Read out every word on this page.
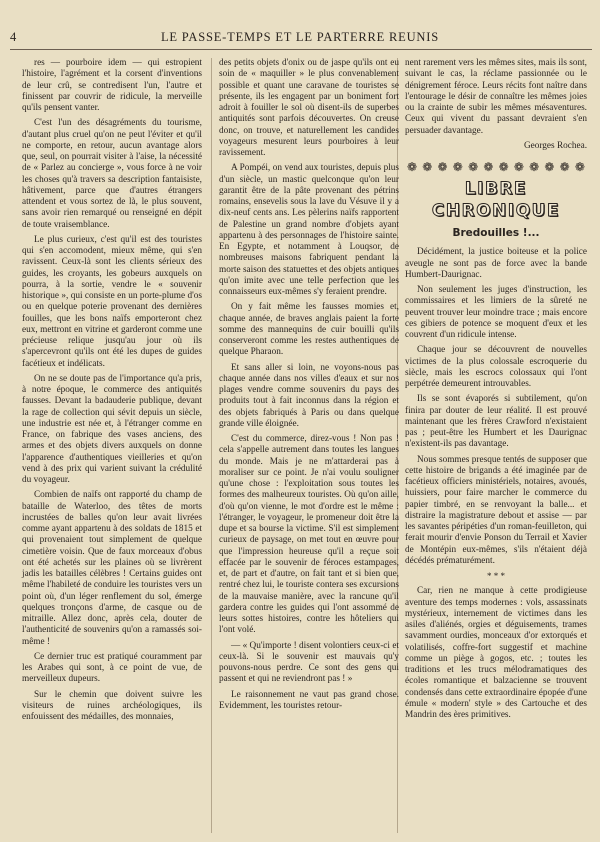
4	LE PASSE-TEMPS ET LE PARTERRE REUNIS

res — pourboire idem — qui estropient l'histoire, l'agrément et la corsent d'inventions de leur crû, se contredisent l'un, l'autre et finissent par couvrir de ridicule, la merveille qu'ils pensent vanter.

C'est l'un des désagréments du tourisme, d'autant plus cruel qu'on ne peut l'éviter et qu'il ne comporte, en retour, aucun avantage alors que, seul, on pourrait visiter à l'aise, la nécessité de « Parlez au concierge », vous force à ne voir les choses qu'à travers sa description fantaisiste, hâtivement, parce que d'autres étrangers attendent et vous sortez de là, le plus souvent, sans avoir rien remarqué ou renseigné en dépit de toute vraisemblance.

Le plus curieux, c'est qu'il est des touristes qui s'en accomodent, mieux même, qui s'en ravissent. Ceux-là sont les clients sérieux des guides, les croyants, les gobeurs auxquels on pourra, à la sortie, vendre le « souvenir historique », qui consiste en un porte-plume d'os ou en quelque poterie provenant des dernières fouilles, que les bons naïfs emporteront chez eux, mettront en vitrine et garderont comme une précieuse relique jusqu'au jour où ils s'apercevront qu'ils ont été les dupes de guides facétieux et indélicats.

On ne se doute pas de l'importance qu'a pris, à notre époque, le commerce des antiquités fausses. Devant la badauderie publique, devant la rage de collection qui sévit depuis un siècle, une industrie est née et, à l'étranger comme en France, on fabrique des vases anciens, des armes et des objets divers auxquels on donne l'apparence d'authentiques vieilleries et qu'on vend à des prix qui varient suivant la crédulité du voyageur.

Combien de naïfs ont rapporté du champ de bataille de Waterloo, des têtes de morts incrustées de balles qu'on leur avait livrées comme ayant appartenu à des soldats de 1815 et qui provenaient tout simplement de quelque cimetière voisin. Que de faux morceaux d'obus ont été achetés sur les plaines où se livrèrent jadis les batailles célèbres ! Certains guides ont même l'habileté de conduire les touristes vers un point où, d'un léger renflement du sol, émerge quelques tronçons d'arme, de casque ou de mitraille. Allez donc, après cela, douter de l'authenticité de souvenirs qu'on a ramassés soi-même !

Ce dernier truc est pratiqué couramment par les Arabes qui sont, à ce point de vue, de merveilleux dupeurs.

Sur le chemin que doivent suivre les visiteurs de ruines archéologiques, ils enfouissent des médailles, des monnaies,

des petits objets d'onix ou de jaspe qu'ils ont eu soin de « maquiller » le plus convenablement possible et quant une caravane de touristes se présente, ils les engagent par un boniment fort adroit à fouiller le sol où disent-ils de superbes antiquités sont parfois découvertes. On creuse donc, on trouve, et naturellement les candides voyageurs mesurent leurs pourboires à leur ravissement.

A Pompéi, on vend aux touristes, depuis plus d'un siècle, un mastic quelconque qu'on leur garantit être de la pâte provenant des pétrins romains, ensevelis sous la lave du Vésuve il y a dix-neuf cents ans. Les pèlerins naïfs rapportent de Palestine un grand nombre d'objets ayant appartenu à des personnages de l'histoire sainte. En Egypte, et notamment à Louqsor, de nombreuses maisons fabriquent pendant la morte saison des statuettes et des objets antiques qu'on imite avec une telle perfection que les connaisseurs eux-mêmes s'y feraient prendre.

On y fait même les fausses momies et, chaque année, de braves anglais paient la forte somme des mannequins de cuir bouilli qu'ils conserveront comme les restes authentiques de quelque Pharaon.

Et sans aller si loin, ne voyons-nous pas chaque année dans nos villes d'eaux et sur nos plages vendre comme souvenirs du pays des produits tout à fait inconnus dans la région et des objets fabriqués à Paris ou dans quelque grande ville éloignée.

C'est du commerce, direz-vous ! Non pas ! cela s'appelle autrement dans toutes les langues du monde. Mais je ne m'attarderai pas à moraliser sur ce point. Je n'ai voulu souligner qu'une chose : l'exploitation sous toutes les formes des malheureux touristes. Où qu'on aille, d'où qu'on vienne, le mot d'ordre est le même : l'étranger, le voyageur, le promeneur doit être la dupe et sa bourse la victime. S'il est simplement curieux de paysage, on met tout en œuvre pour que l'impression heureuse qu'il a reçue soit effacée par le souvenir de féroces estampages, et, de part et d'autre, on fait tant et si bien que, rentré chez lui, le touriste contera ses excursions de la mauvaise manière, avec la rancune qu'il gardera contre les guides qui l'ont assommé de leurs sottes histoires, contre les hôteliers qui l'ont volé.

— « Qu'importe ! disent volontiers ceux-ci et ceux-là. Si le souvenir est mauvais qu'y pouvons-nous perdre. Ce sont des gens qui passent et qui ne reviendront pas ! »

Le raisonnement ne vaut pas grand chose. Evidemment, les touristes retour-

nent rarement vers les mêmes sites, mais ils sont, suivant le cas, la réclame passionnée ou le dénigrement féroce. Leurs récits font naître dans l'entourage le désir de connaître les mêmes joies ou la crainte de subir les mêmes mésaventures. Ceux qui vivent du passant devraient s'en persuader davantage.

Georges Rochea.

❁ ❁ ❁ ❁ ❁ ❁ ❁ ❁ ❁ ❁ ❁ ❁
LIBRE CHRONIQUE
Bredouilles !...

Décidément, la justice boiteuse et la police aveugle ne sont pas de force avec la bande Humbert-Daurignac.

Non seulement les juges d'instruction, les commissaires et les limiers de la sûreté ne peuvent trouver leur moindre trace ; mais encore ces gibiers de potence se moquent d'eux et les couvrent d'un ridicule intense.

Chaque jour se découvrent de nouvelles victimes de la plus colossale escroquerie du siècle, mais les escrocs colossaux qui l'ont perpétrée demeurent introuvables.

Ils se sont évaporés si subtilement, qu'on finira par douter de leur réalité. Il est prouvé maintenant que les frères Crawford n'existaient pas ; peut-être les Humbert et les Daurignac n'existent-ils pas davantage.

Nous sommes presque tentés de supposer que cette histoire de brigands a été imaginée par de facétieux officiers ministériels, notaires, avoués, huissiers, pour faire marcher le commerce du papier timbré, en se renvoyant la balle... et distraire la magistrature debout et assise — par les savantes péripéties d'un roman-feuilleton, qui ferait mourir d'envie Ponson du Terrail et Xavier de Montépin eux-mêmes, s'ils n'étaient déjà décédés prématurément.

* * *

Car, rien ne manque à cette prodigieuse aventure des temps modernes : vols, assassinats mystérieux, internement de victimes dans les asiles d'aliénés, orgies et déguisements, trames savamment ourdies, monceaux d'or extorqués et volatilisés, coffre-fort suggestif et machine comme un piège à gogos, etc. ; toutes les traditions et les trucs mélodramatiques des écoles romantique et balzacienne se trouvent condensés dans cette extraordinaire épopée d'une émule « modern' style » des Cartouche et des Mandrin des ères primitives.
